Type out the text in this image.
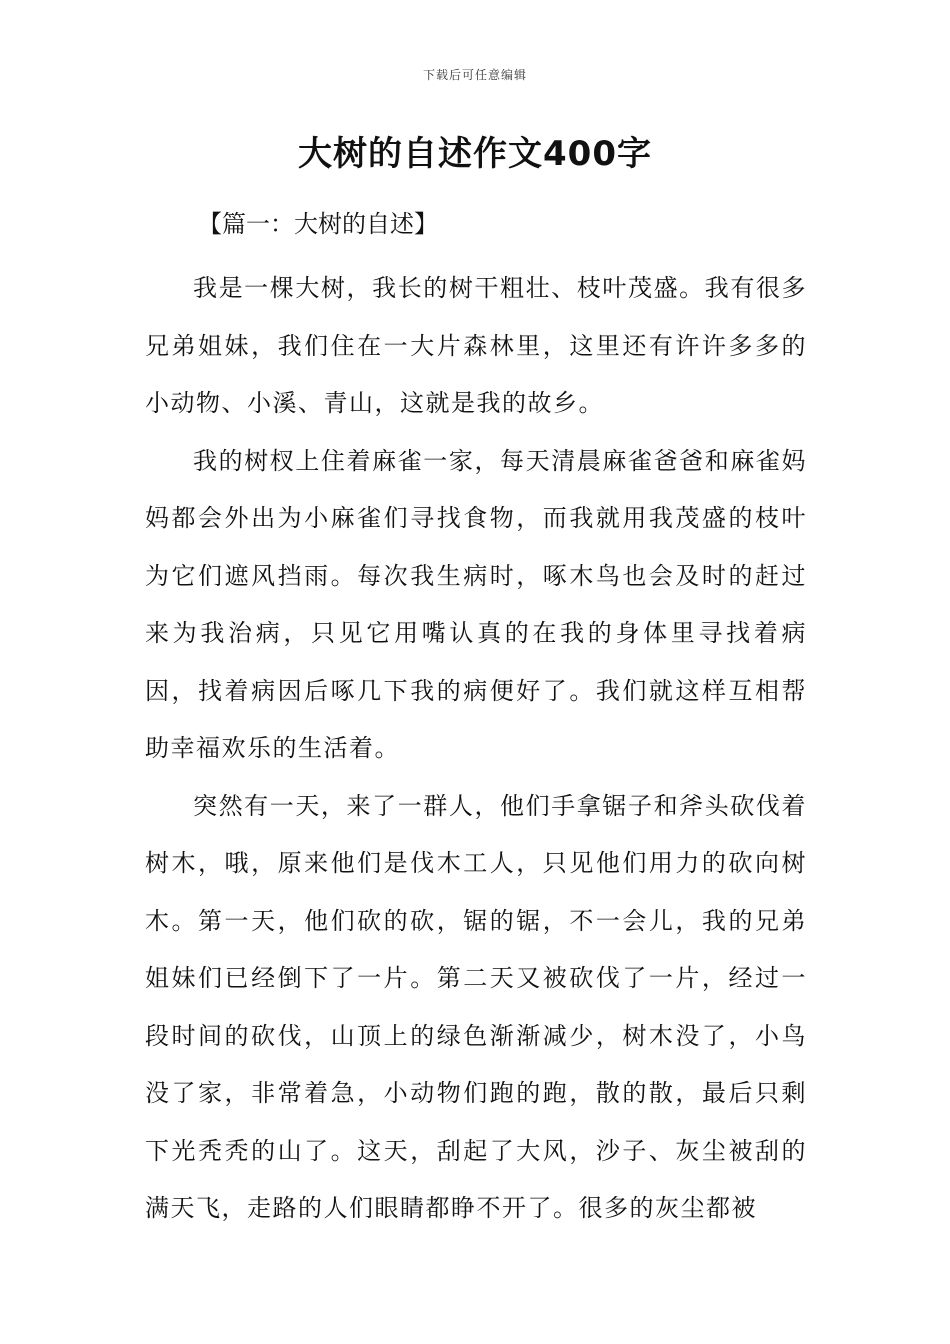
下载后可任意编辑
大树的自述作文400字

【篇一：大树的自述】

我是一棵大树，我长的树干粗壮、枝叶茂盛。我有很多兄弟姐妹，我们住在一大片森林里，这里还有许许多多的小动物、小溪、青山，这就是我的故乡。

我的树杈上住着麻雀一家，每天清晨麻雀爸爸和麻雀妈妈都会外出为小麻雀们寻找食物，而我就用我茂盛的枝叶为它们遮风挡雨。每次我生病时，啄木鸟也会及时的赶过来为我治病，只见它用嘴认真的在我的身体里寻找着病因，找着病因后啄几下我的病便好了。我们就这样互相帮助幸福欢乐的生活着。

突然有一天，来了一群人，他们手拿锯子和斧头砍伐着树木，哦，原来他们是伐木工人，只见他们用力的砍向树木。第一天，他们砍的砍，锯的锯，不一会儿，我的兄弟姐妹们已经倒下了一片。第二天又被砍伐了一片，经过一段时间的砍伐，山顶上的绿色渐渐减少，树木没了，小鸟没了家，非常着急，小动物们跑的跑，散的散，最后只剩下光秃秃的山了。这天，刮起了大风，沙子、灰尘被刮的满天飞，走路的人们眼睛都睁不开了。很多的灰尘都被
